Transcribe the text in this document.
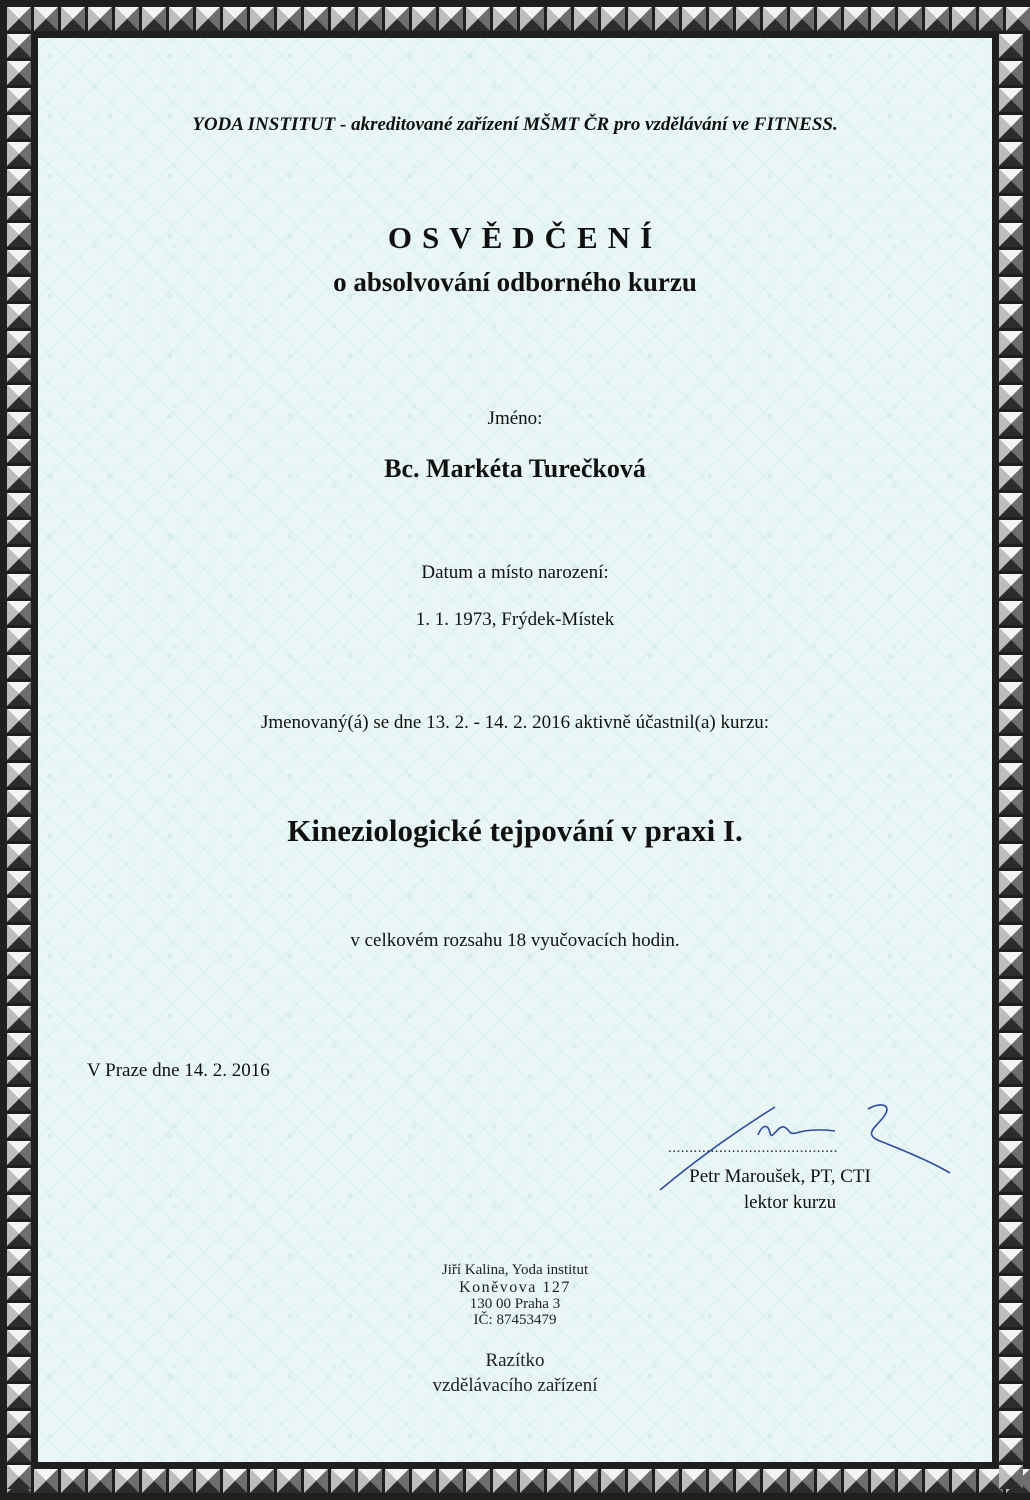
YODA INSTITUT - akreditované zařízení MŠMT ČR pro vzdělávání ve FITNESS.
OSVĚDČENÍ
o absolvování odborného kurzu
Jméno:
Bc. Markéta Turečková
Datum a místo narození:
1. 1. 1973, Frýdek-Místek
Jmenovaný(á) se dne 13. 2. - 14. 2. 2016 aktivně účastnil(a) kurzu:
Kineziologické tejpování v praxi I.
v celkovém rozsahu 18 vyučovacích hodin.
V Praze dne 14. 2. 2016
........................................
Petr Maroušek, PT, CTI
lektor kurzu
Jiří Kalina, Yoda institut
Koněvova 127
130 00 Praha 3
IČ: 87453479
Razítko
vzdělávacího zařízení
